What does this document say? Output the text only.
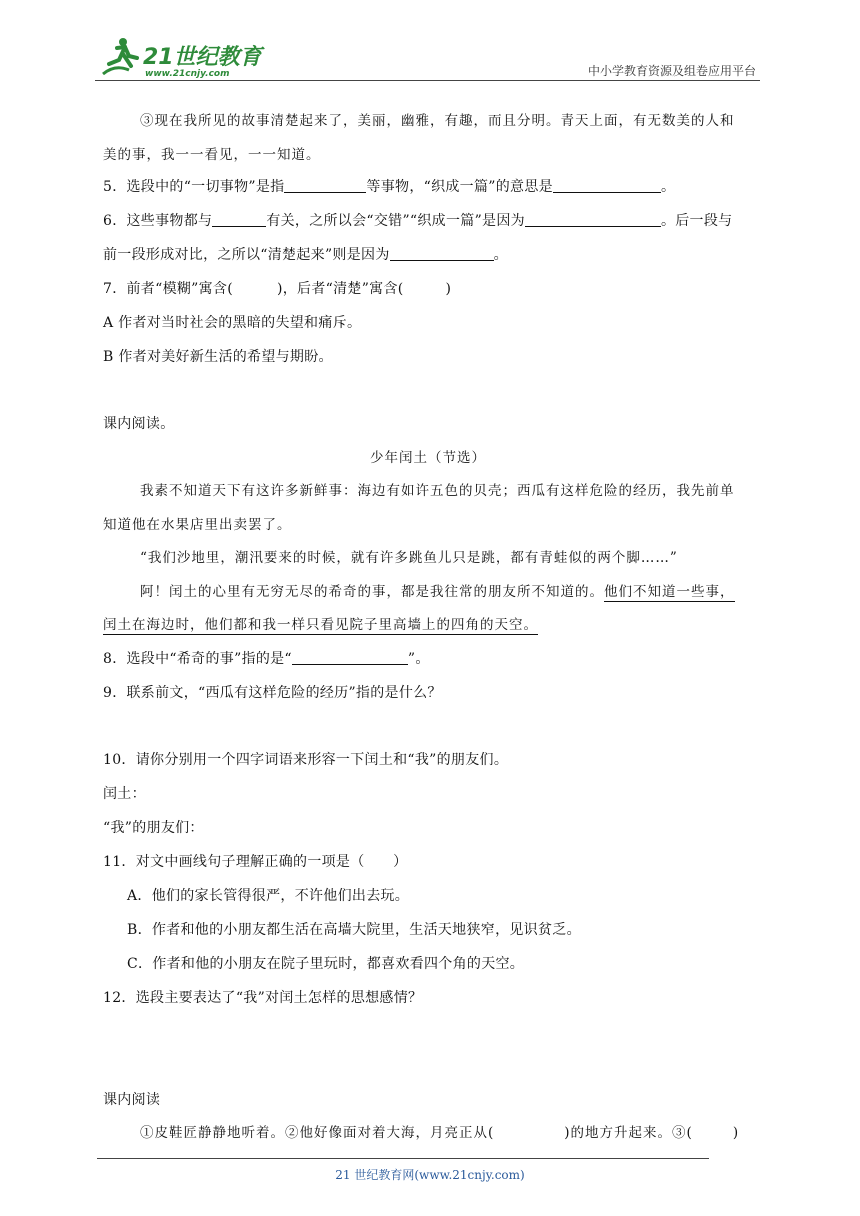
21世纪教育
www.21cnjy.com	中小学教育资源及组卷应用平台
③现在我所见的故事清楚起来了，美丽，幽雅，有趣，而且分明。青天上面，有无数美的人和
美的事，我一一看见，一一知道。
5．选段中的“一切事物”是指	等事物，“织成一篇”的意思是	。
6．这些事物都与	有关，之所以会“交错”“织成一篇”是因为	。后一段与
前一段形成对比，之所以“清楚起来”则是因为	。
7．前者“模糊”寓含(	)，后者“清楚”寓含(	)
A 作者对当时社会的黑暗的失望和痛斥。
B 作者对美好新生活的希望与期盼。
课内阅读。
少年闰土（节选）
我素不知道天下有这许多新鲜事：海边有如许五色的贝壳；西瓜有这样危险的经历，我先前单
知道他在水果店里出卖罢了。
“我们沙地里，潮汛要来的时候，就有许多跳鱼儿只是跳，都有青蛙似的两个脚……”
阿！闰土的心里有无穷无尽的希奇的事，都是我往常的朋友所不知道的。他们不知道一些事，
闰土在海边时，他们都和我一样只看见院子里高墙上的四角的天空。
8．选段中“希奇的事”指的是“	”。
9．联系前文，“西瓜有这样危险的经历”指的是什么？
10．请你分别用一个四字词语来形容一下闰土和“我”的朋友们。
闰土：
“我”的朋友们：
11．对文中画线句子理解正确的一项是（　　）
A．他们的家长管得很严，不许他们出去玩。
B．作者和他的小朋友都生活在高墙大院里，生活天地狭窄，见识贫乏。
C．作者和他的小朋友在院子里玩时，都喜欢看四个角的天空。
12．选段主要表达了“我”对闰土怎样的思想感情？
课内阅读
①皮鞋匠静静地听着。②他好像面对着大海，月亮正从(	)的地方升起来。③(	)
21 世纪教育网(www.21cnjy.com)
